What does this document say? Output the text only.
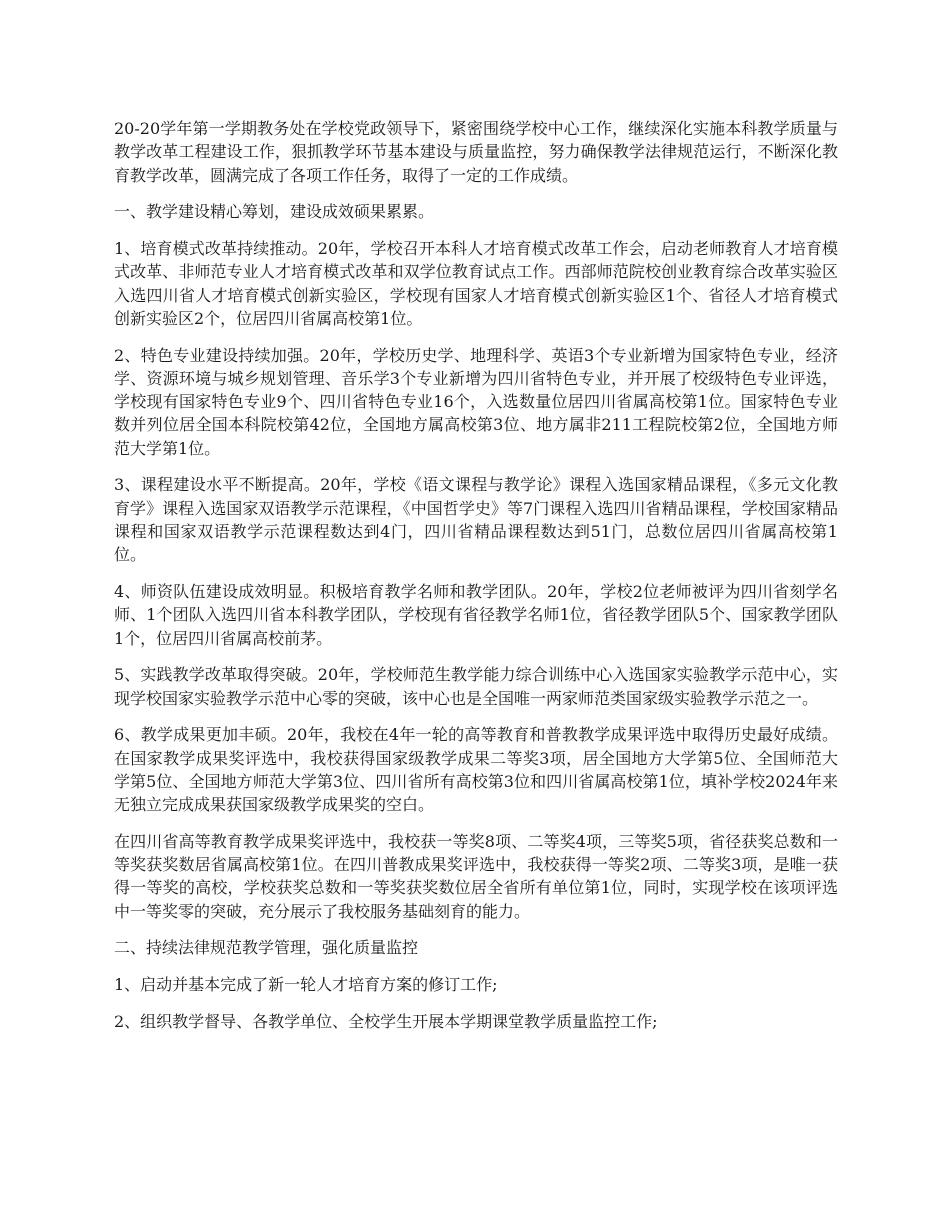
20-20学年第一学期教务处在学校党政领导下，紧密围绕学校中心工作，继续深化实施本科教学质量与教学改革工程建设工作，狠抓教学环节基本建设与质量监控，努力确保教学法律规范运行，不断深化教育教学改革，圆满完成了各项工作任务，取得了一定的工作成绩。

一、教学建设精心筹划，建设成效硕果累累。

1、培育模式改革持续推动。20年，学校召开本科人才培育模式改革工作会，启动老师教育人才培育模式改革、非师范专业人才培育模式改革和双学位教育试点工作。西部师范院校创业教育综合改革实验区入选四川省人才培育模式创新实验区，学校现有国家人才培育模式创新实验区1个、省径人才培育模式创新实验区2个，位居四川省属高校第1位。

2、特色专业建设持续加强。20年，学校历史学、地理科学、英语3个专业新增为国家特色专业，经济学、资源环境与城乡规划管理、音乐学3个专业新增为四川省特色专业，并开展了校级特色专业评选，学校现有国家特色专业9个、四川省特色专业16个，入选数量位居四川省属高校第1位。国家特色专业数并列位居全国本科院校第42位，全国地方属高校第3位、地方属非211工程院校第2位，全国地方师范大学第1位。

3、课程建设水平不断提高。20年，学校《语文课程与教学论》课程入选国家精品课程，《多元文化教育学》课程入选国家双语教学示范课程，《中国哲学史》等7门课程入选四川省精品课程，学校国家精品课程和国家双语教学示范课程数达到4门，四川省精品课程数达到51门，总数位居四川省属高校第1位。

4、师资队伍建设成效明显。积极培育教学名师和教学团队。20年，学校2位老师被评为四川省刻学名师、1个团队入选四川省本科教学团队，学校现有省径教学名师1位，省径教学团队5个、国家教学团队1个，位居四川省属高校前茅。

5、实践教学改革取得突破。20年，学校师范生教学能力综合训练中心入选国家实验教学示范中心，实现学校国家实验教学示范中心零的突破，该中心也是全国唯一两家师范类国家级实验教学示范之一。

6、教学成果更加丰硕。20年，我校在4年一轮的高等教育和普教教学成果评选中取得历史最好成绩。在国家教学成果奖评选中，我校获得国家级教学成果二等奖3项，居全国地方大学第5位、全国师范大学第5位、全国地方师范大学第3位、四川省所有高校第3位和四川省属高校第1位，填补学校2024年来无独立完成成果获国家级教学成果奖的空白。

在四川省高等教育教学成果奖评选中，我校获一等奖8项、二等奖4项，三等奖5项，省径获奖总数和一等奖获奖数居省属高校第1位。在四川普教成果奖评选中，我校获得一等奖2项、二等奖3项，是唯一获得一等奖的高校，学校获奖总数和一等奖获奖数位居全省所有单位第1位，同时，实现学校在该项评选中一等奖零的突破，充分展示了我校服务基础刻育的能力。

二、持续法律规范教学管理，强化质量监控

1、启动并基本完成了新一轮人才培育方案的修订工作;

2、组织教学督导、各教学单位、全校学生开展本学期课堂教学质量监控工作;
